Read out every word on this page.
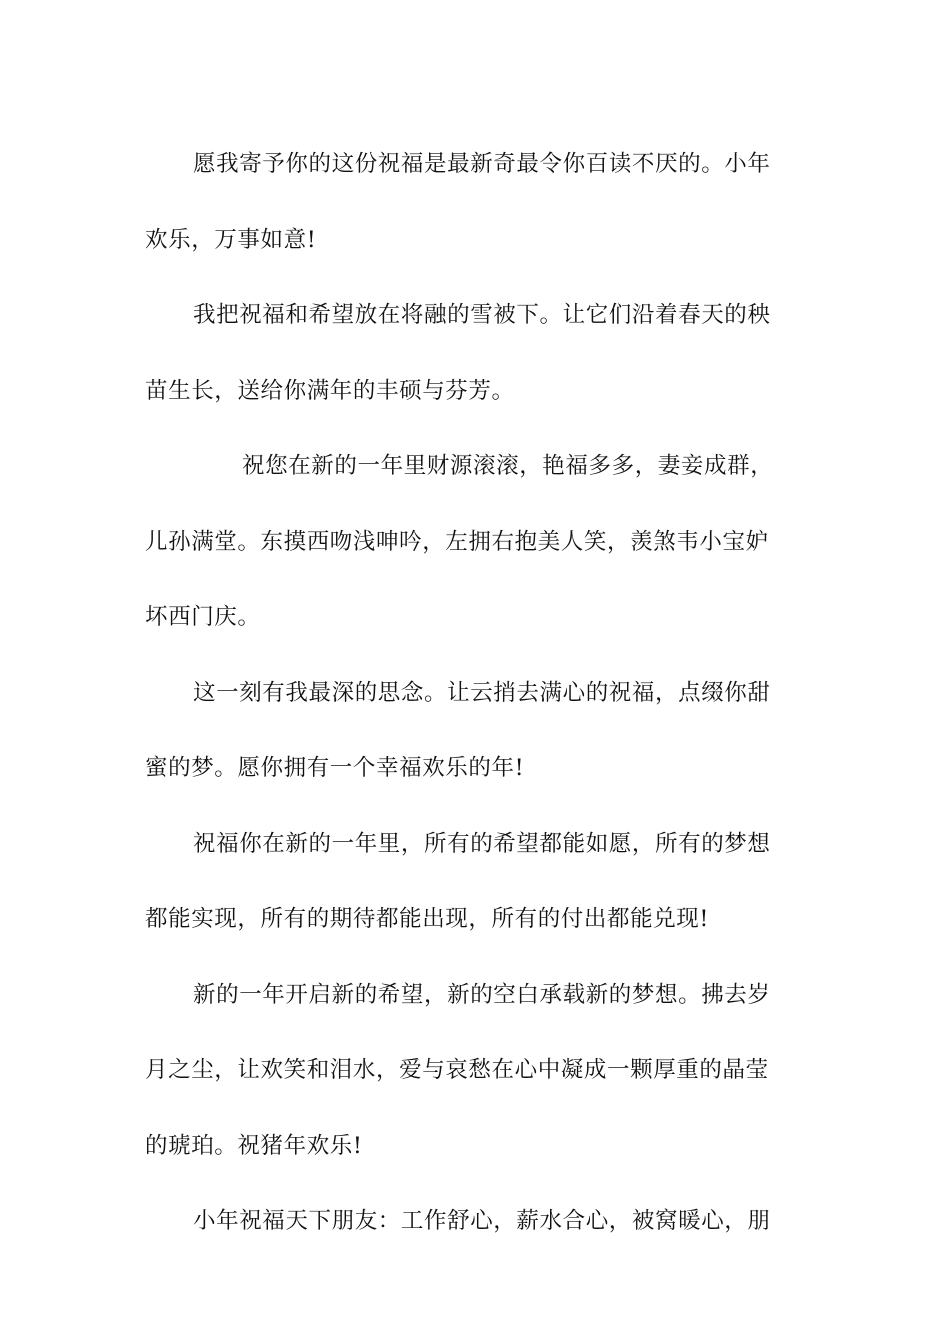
愿我寄予你的这份祝福是最新奇最令你百读不厌的。小年
欢乐，万事如意!

我把祝福和希望放在将融的雪被下。让它们沿着春天的秧
苗生长，送给你满年的丰硕与芬芳。

祝您在新的一年里财源滚滚，艳福多多，妻妾成群，
儿孙满堂。东摸西吻浅呻吟，左拥右抱美人笑，羡煞韦小宝妒
坏西门庆。

这一刻有我最深的思念。让云捎去满心的祝福，点缀你甜
蜜的梦。愿你拥有一个幸福欢乐的年!

祝福你在新的一年里，所有的希望都能如愿，所有的梦想
都能实现，所有的期待都能出现，所有的付出都能兑现!

新的一年开启新的希望，新的空白承载新的梦想。拂去岁
月之尘，让欢笑和泪水，爱与哀愁在心中凝成一颗厚重的晶莹
的琥珀。祝猪年欢乐!

小年祝福天下朋友：工作舒心，薪水合心，被窝暖心，朋
